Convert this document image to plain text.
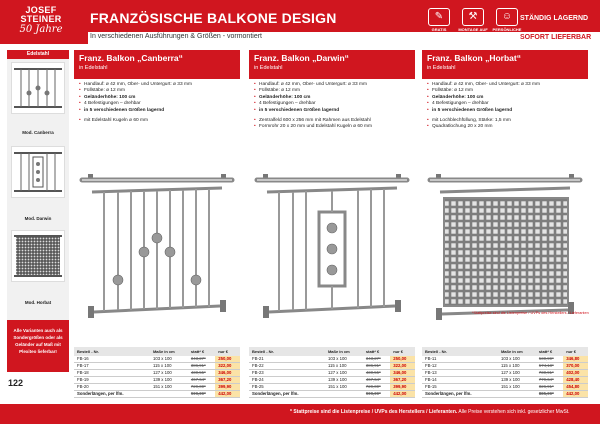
JOSEF
STEINER
50 Jahre
FRANZÖSISCHE BALKONE DESIGN
In verschiedenen Ausführungen & Größen - vormontiert
✎
GRATIS AUSMESSEN
⚒
MONTAGE AUF WUNSCH
☺
PERSÖNLICHE BERATUNG
STÄNDIG LAGERND
SOFORT LIEFERBAR
Edelstahl
Mod. Canberra
Mod. Darwin
Mod. Horbat
Alle Varianten auch als Sondergrößen oder als Geländer auf Maß mit Plexiteo lieferbar!
Franz. Balkon „Canberra“
in Edelstahl
• Handlauf: ø 42 mm, Ober- und Untergurt: ø 33 mm
• Füllstäbe: ø 12 mm
• Geländerhöhe: 100 cm
• 4 Befestigungen – drehbar
• in 5 verschiedenen Größen lagernd
• mit Edelstahl Kugeln ø 60 mm
Bestell - Nr.	Maße in cm	statt* €	nur €
FB-16	103 x 100	343,27*	250,00
FB-17	115 x 100	386,91*	322,00
FB-18	127 x 100	430,55*	346,00
FB-19	139 x 100	467,64*	367,20
FB-20	151 x 100	729,00*	399,90
Sonderlängen, per lfm.		909,09*	442,00
Franz. Balkon „Darwin“
in Edelstahl
• Handlauf: ø 42 mm, Ober- und Untergurt: ø 33 mm
• Füllstäbe: ø 12 mm
• Geländerhöhe: 100 cm
• 4 Befestigungen – drehbar
• in 5 verschiedenen Größen lagernd
• Zentralfeld 600 x 256 mm mit Rahmen aus Edelstahl
• Formrohr 20 x 20 mm und Edelstahl Kugeln ø 60 mm
Bestell - Nr.	Maße in cm	statt* €	nur €
FB-21	103 x 100	343,27*	250,00
FB-22	115 x 100	386,91*	322,00
FB-23	127 x 100	430,55*	346,00
FB-24	139 x 100	467,64*	367,20
FB-25	151 x 100	729,00*	399,90
Sonderlängen, per lfm.		909,09*	442,00
Franz. Balkon „Horbat“
in Edelstahl
• Handlauf: ø 42 mm, Ober- und Untergurt: ø 33 mm
• Füllstäbe: ø 12 mm
• Geländerhöhe: 100 cm
• 4 Befestigungen – drehbar
• in 5 verschiedenen Größen lagernd
• mit Lochblechfüllung, Stärke: 1,5 mm
• Quadratlochung 20 x 20 mm
Bestell - Nr.	Maße in cm	statt* €	nur €
FB-11	103 x 100	530,99*	346,80
FB-12	115 x 100	574,18*	370,00
FB-13	127 x 100	730,91*	402,00
FB-14	139 x 100	779,64*	428,40
FB-15	151 x 100	826,91*	454,80
Sonderlängen, per lfm.		885,09*	442,00
*Stattpreise sind die Listenpreise / UVPs des Herstellers / Lieferanten
122
* Stattpreise sind die Listenpreise / UVPs des Herstellers / Lieferanten. Alle Preise verstehen sich inkl. gesetzlicher MwSt.
